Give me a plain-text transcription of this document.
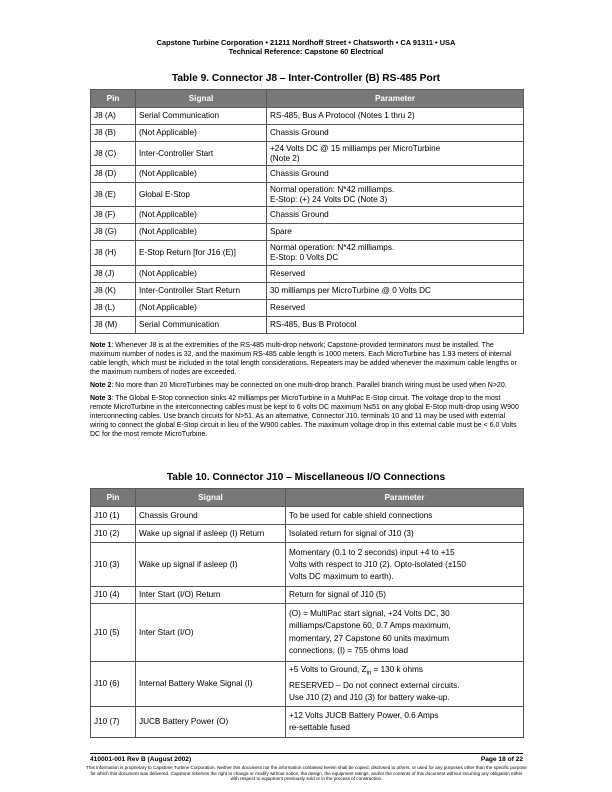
Capstone Turbine Corporation • 21211 Nordhoff Street • Chatsworth • CA 91311 • USA
Technical Reference: Capstone 60 Electrical
Table 9. Connector J8 – Inter-Controller (B) RS-485 Port
Pin	Signal	Parameter
J8 (A)	Serial Communication	RS-485, Bus A Protocol (Notes 1 thru 2)
J8 (B)	(Not Applicable)	Chassis Ground
J8 (C)	Inter-Controller Start	+24 Volts DC @ 15 milliamps per MicroTurbine
(Note 2)

J8 (D)	(Not Applicable)	Chassis Ground
J8 (E)	Global E-Stop	Normal operation: N*42 milliamps.
E-Stop: (+) 24 Volts DC (Note 3)

J8 (F)	(Not Applicable)	Chassis Ground
J8 (G)	(Not Applicable)	Spare
J8 (H)	E-Stop Return [for J16 (E)]	Normal operation: N*42 milliamps.
E-Stop: 0 Volts DC

J8 (J)	(Not Applicable)	Reserved
J8 (K)	Inter-Controller Start Return	30 milliamps per MicroTurbine @ 0 Volts DC
J8 (L)	(Not Applicable)	Reserved
J8 (M)	Serial Communication	RS-485, Bus B Protocol

Note 1: Whenever J8 is at the extremities of the RS-485 multi-drop network; Capstone-provided terminators must be installed. The maximum number of nodes is 32, and the maximum RS-485 cable length is 1000 meters. Each MicroTurbine has 1.93 meters of internal cable length, which must be included in the total length considerations. Repeaters may be added whenever the maximum cable lengths or the maximum numbers of nodes are exceeded.

Note 2: No more than 20 MicroTurbines may be connected on one multi-drop branch. Parallel branch wiring must be used when N>20.

Note 3: The Global E-Stop connection sinks 42 milliamps per MicroTurbine in a MultiPac E-Stop circuit. The voltage drop to the most remote MicroTurbine in the interconnecting cables must be kept to 6 volts DC maximum N≤51 on any global E-Stop multi-drop using W900 interconnecting cables. Use branch circuits for N>51. As an alternative, Connector J10, terminals 10 and 11 may be used with external wiring to connect the global E-Stop circuit in lieu of the W900 cables. The maximum voltage drop in this external cable must be < 6.0 Volts DC for the most remote MicroTurbine.

Table 10. Connector J10 – Miscellaneous I/O Connections
Pin	Signal	Parameter
J10 (1)	Chassis Ground	To be used for cable shield connections
J10 (2)	Wake up signal if asleep (I) Return	Isolated return for signal of J10 (3)
J10 (3)	Wake up signal if asleep (I)	Momentary (0.1 to 2 seconds) input +4 to +15
Volts with respect to J10 (2). Opto-isolated (±150
Volts DC maximum to earth).

J10 (4)	Inter Start (I/O) Return	Return for signal of J10 (5)
J10 (5)	Inter Start (I/O)	(O) = MultiPac start signal, +24 Volts DC, 30
milliamps/Capstone 60, 0.7 Amps maximum,
momentary, 27 Capstone 60 units maximum
connections. (I) = 755 ohms load

J10 (6)	Internal Battery Wake Signal (I)	+5 Volts to Ground, $Z_{in} = 130$ k ohms
RESERVED – Do not connect external circuits.
Use J10 (2) and J10 (3) for battery wake-up.

J10 (7)	JUCB Battery Power (O)	+12 Volts JUCB Battery Power, 0.6 Amps
re-settable fused
410001-001 Rev B (August 2002)	Page 18 of 22
This information is proprietary to Capstone Turbine Corporation. Neither this document nor the information contained herein shall be copied, disclosed to others, or used for any purposes other than the specific purpose for which this document was delivered. Capstone reserves the right to change or modify without notice, the design, the equipment ratings, and/or the contents of this document without incurring any obligation either with respect to equipment previously sold or in the process of construction.
